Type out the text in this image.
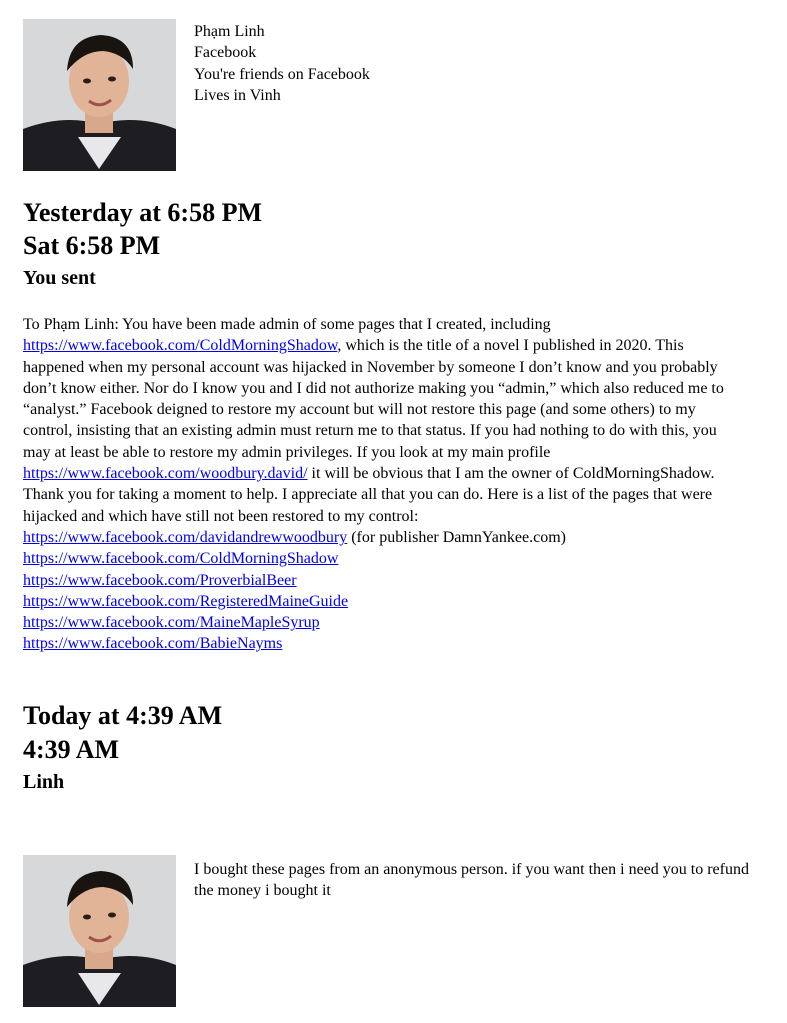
Phạm Linh
Facebook
You're friends on Facebook
Lives in Vinh
Yesterday at 6:58 PM
Sat 6:58 PM
You sent

To Phạm Linh: You have been made admin of some pages that I created, including https://www.facebook.com/ColdMorningShadow, which is the title of a novel I published in 2020. This happened when my personal account was hijacked in November by someone I don’t know and you probably don’t know either. Nor do I know you and I did not authorize making you “admin,” which also reduced me to “analyst.” Facebook deigned to restore my account but will not restore this page (and some others) to my control, insisting that an existing admin must return me to that status. If you had nothing to do with this, you may at least be able to restore my admin privileges. If you look at my main profile https://www.facebook.com/woodbury.david/ it will be obvious that I am the owner of ColdMorningShadow. Thank you for taking a moment to help. I appreciate all that you can do. Here is a list of the pages that were hijacked and which have still not been restored to my control:

https://www.facebook.com/davidandrewwoodbury (for publisher DamnYankee.com)
https://www.facebook.com/ColdMorningShadow
https://www.facebook.com/ProverbialBeer
https://www.facebook.com/RegisteredMaineGuide
https://www.facebook.com/MaineMapleSyrup
https://www.facebook.com/BabieNayms
Today at 4:39 AM
4:39 AM
Linh
I bought these pages from an anonymous person. if you want then i need you to refund the money i bought it
